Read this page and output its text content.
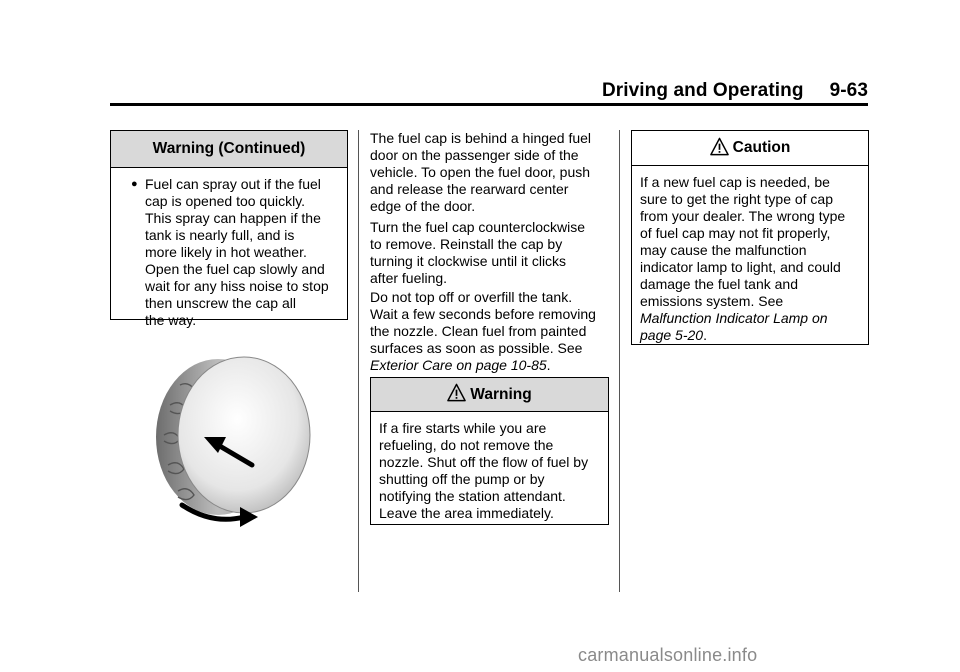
Driving and Operating 9-63
Warning (Continued)
● Fuel can spray out if the fuel
cap is opened too quickly.
This spray can happen if the
tank is nearly full, and is
more likely in hot weather.
Open the fuel cap slowly and
wait for any hiss noise to stop
then unscrew the cap all
the way.
The fuel cap is behind a hinged fuel
door on the passenger side of the
vehicle. To open the fuel door, push
and release the rearward center
edge of the door.
Turn the fuel cap counterclockwise
to remove. Reinstall the cap by
turning it clockwise until it clicks
after fueling.
Do not top off or overfill the tank.
Wait a few seconds before removing
the nozzle. Clean fuel from painted
surfaces as soon as possible. See
Exterior Care on page 10-85.
Warning
If a fire starts while you are
refueling, do not remove the
nozzle. Shut off the flow of fuel by
shutting off the pump or by
notifying the station attendant.
Leave the area immediately.
Caution
If a new fuel cap is needed, be
sure to get the right type of cap
from your dealer. The wrong type
of fuel cap may not fit properly,
may cause the malfunction
indicator lamp to light, and could
damage the fuel tank and
emissions system. See
Malfunction Indicator Lamp on
page 5-20.
carmanualsonline.info
